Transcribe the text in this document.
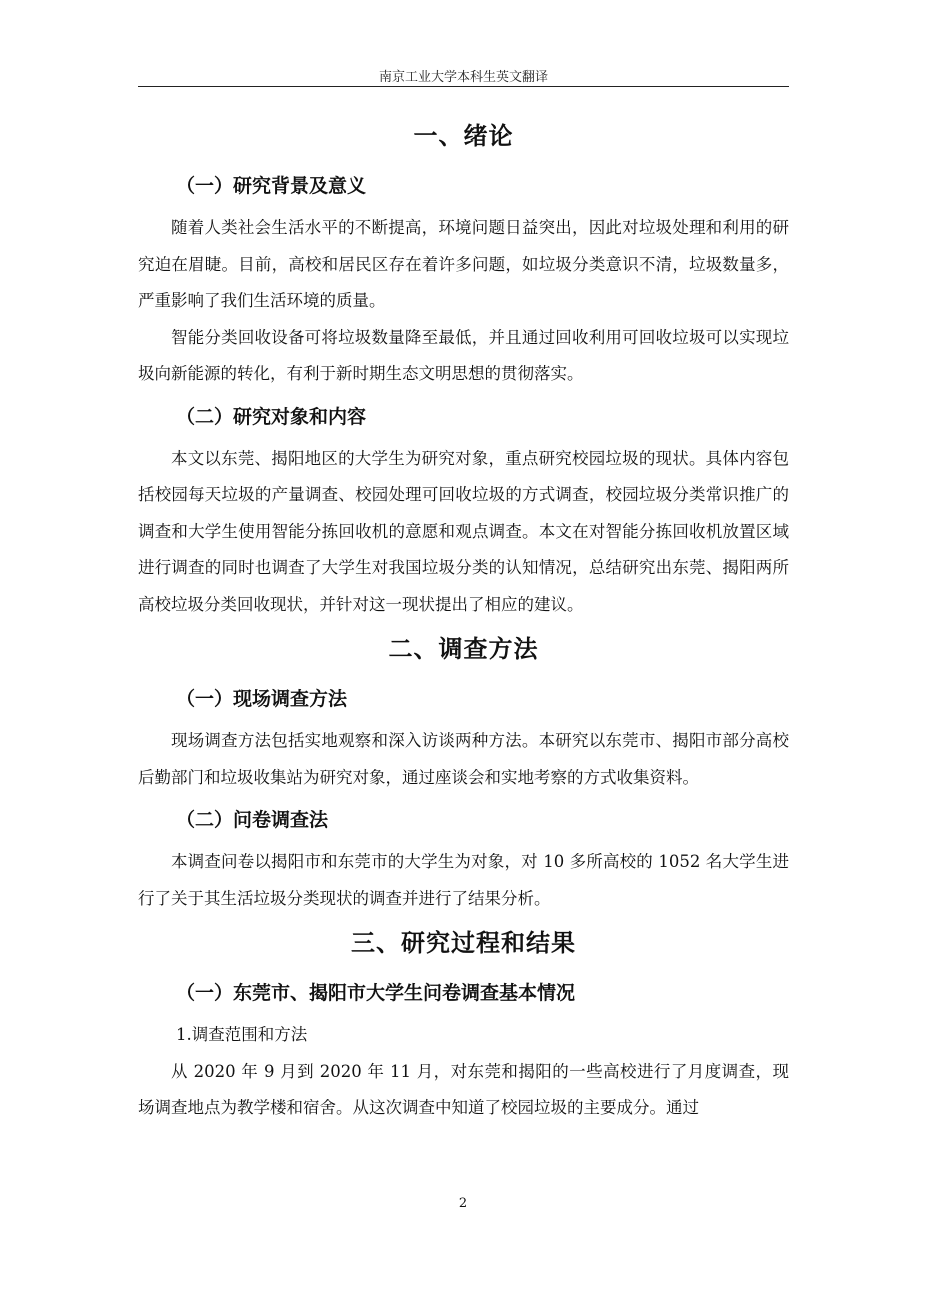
南京工业大学本科生英文翻译
一、绪论
（一）研究背景及意义

随着人类社会生活水平的不断提高，环境问题日益突出，因此对垃圾处理和利用的研究迫在眉睫。目前，高校和居民区存在着许多问题，如垃圾分类意识不清，垃圾数量多，严重影响了我们生活环境的质量。

智能分类回收设备可将垃圾数量降至最低，并且通过回收利用可回收垃圾可以实现垃圾向新能源的转化，有利于新时期生态文明思想的贯彻落实。

（二）研究对象和内容

本文以东莞、揭阳地区的大学生为研究对象，重点研究校园垃圾的现状。具体内容包括校园每天垃圾的产量调查、校园处理可回收垃圾的方式调查，校园垃圾分类常识推广的调查和大学生使用智能分拣回收机的意愿和观点调查。本文在对智能分拣回收机放置区域进行调查的同时也调查了大学生对我国垃圾分类的认知情况，总结研究出东莞、揭阳两所高校垃圾分类回收现状，并针对这一现状提出了相应的建议。

二、调查方法
（一）现场调查方法

现场调查方法包括实地观察和深入访谈两种方法。本研究以东莞市、揭阳市部分高校后勤部门和垃圾收集站为研究对象，通过座谈会和实地考察的方式收集资料。

（二）问卷调查法

本调查问卷以揭阳市和东莞市的大学生为对象，对 10 多所高校的 1052 名大学生进行了关于其生活垃圾分类现状的调查并进行了结果分析。

三、研究过程和结果
（一）东莞市、揭阳市大学生问卷调查基本情况
1.调查范围和方法

从 2020 年 9 月到 2020 年 11 月，对东莞和揭阳的一些高校进行了月度调查，现场调查地点为教学楼和宿舍。从这次调查中知道了校园垃圾的主要成分。通过

2
